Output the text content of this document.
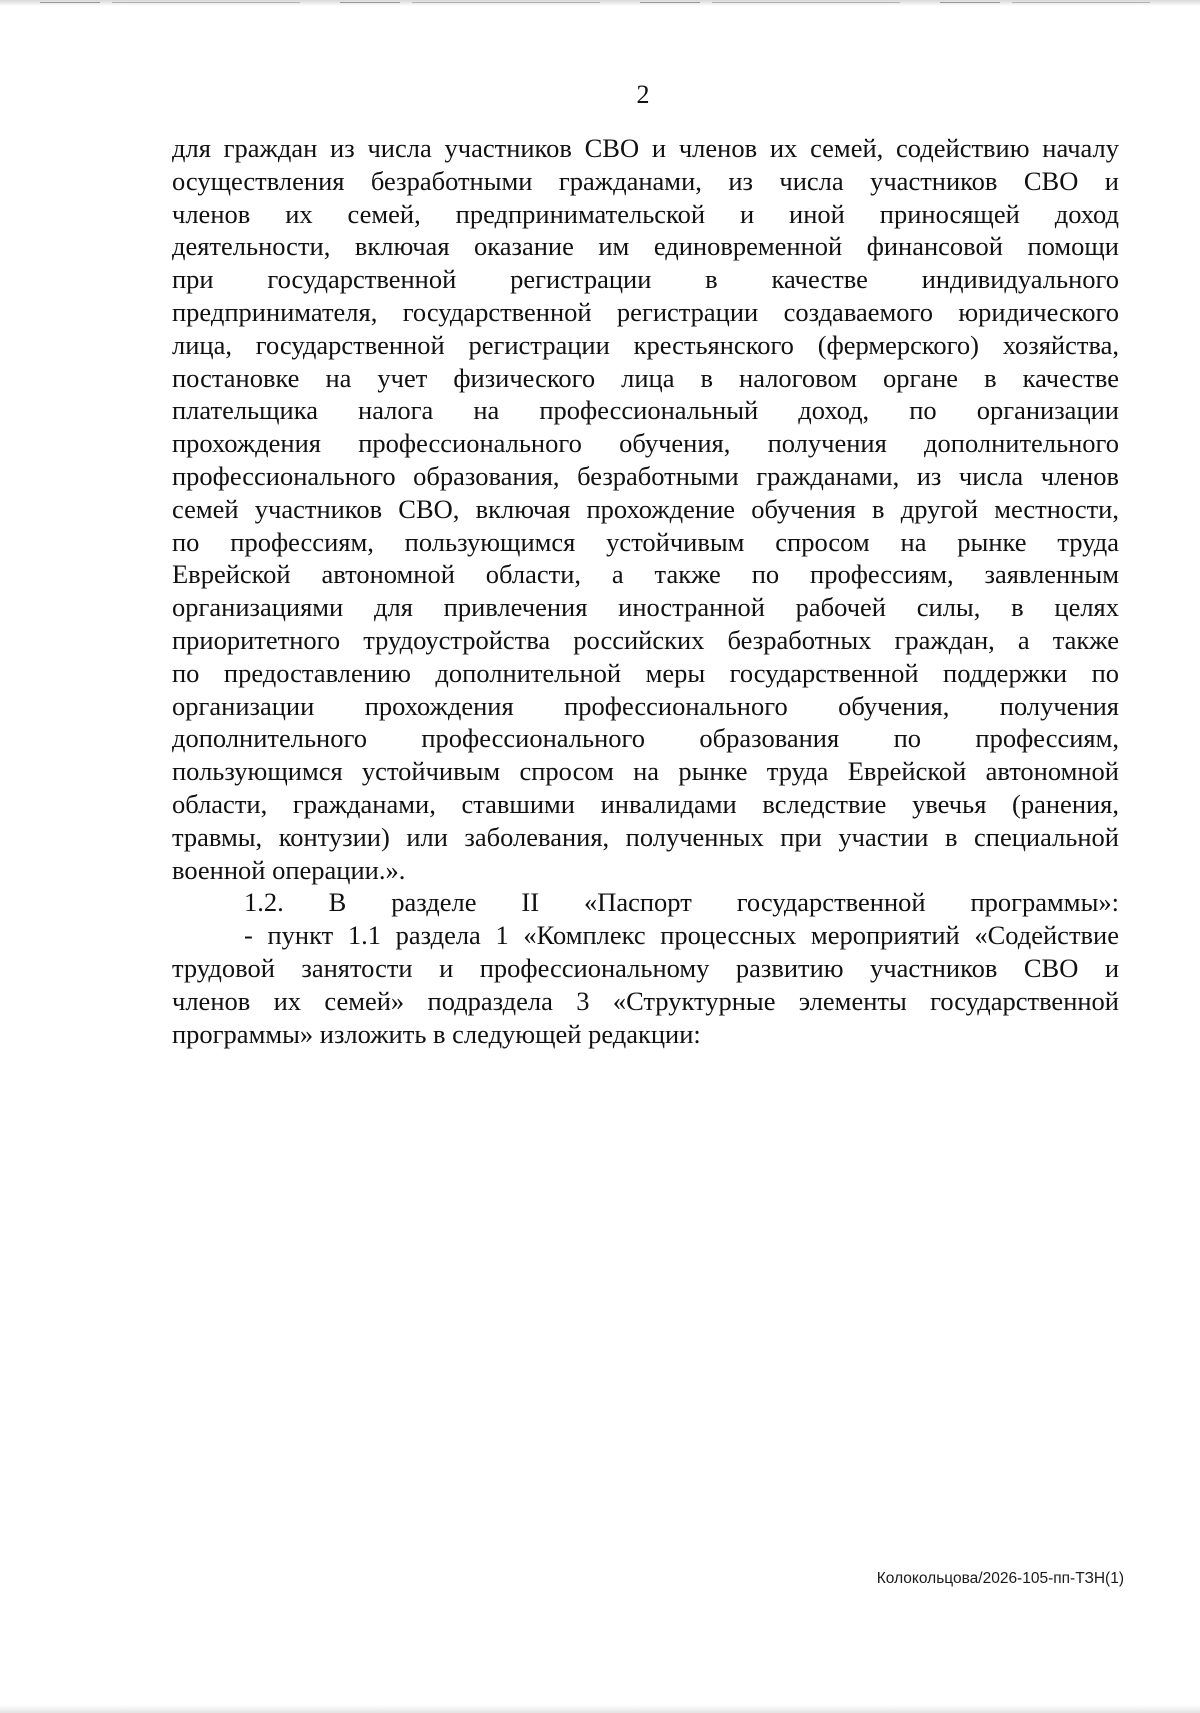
2
для граждан из числа участников СВО и членов их семей, содействию началу
осуществления безработными гражданами, из числа участников СВО и
членов их семей, предпринимательской и иной приносящей доход
деятельности, включая оказание им единовременной финансовой помощи
при государственной регистрации в качестве индивидуального
предпринимателя, государственной регистрации создаваемого юридического
лица, государственной регистрации крестьянского (фермерского) хозяйства,
постановке на учет физического лица в налоговом органе в качестве
плательщика налога на профессиональный доход, по организации
прохождения профессионального обучения, получения дополнительного
профессионального образования, безработными гражданами, из числа членов
семей участников СВО, включая прохождение обучения в другой местности,
по профессиям, пользующимся устойчивым спросом на рынке труда
Еврейской автономной области, а также по профессиям, заявленным
организациями для привлечения иностранной рабочей силы, в целях
приоритетного трудоустройства российских безработных граждан, а также
по предоставлению дополнительной меры государственной поддержки по
организации прохождения профессионального обучения, получения
дополнительного профессионального образования по профессиям,
пользующимся устойчивым спросом на рынке труда Еврейской автономной
области, гражданами, ставшими инвалидами вследствие увечья (ранения,
травмы, контузии) или заболевания, полученных при участии в специальной
военной операции.».
1.2. В разделе II «Паспорт государственной программы»:
- пункт 1.1 раздела 1 «Комплекс процессных мероприятий «Содействие
трудовой занятости и профессиональному развитию участников СВО и
членов их семей» подраздела 3 «Структурные элементы государственной
программы» изложить в следующей редакции:
Колокольцова/2026-105-пп-ТЗН(1)
